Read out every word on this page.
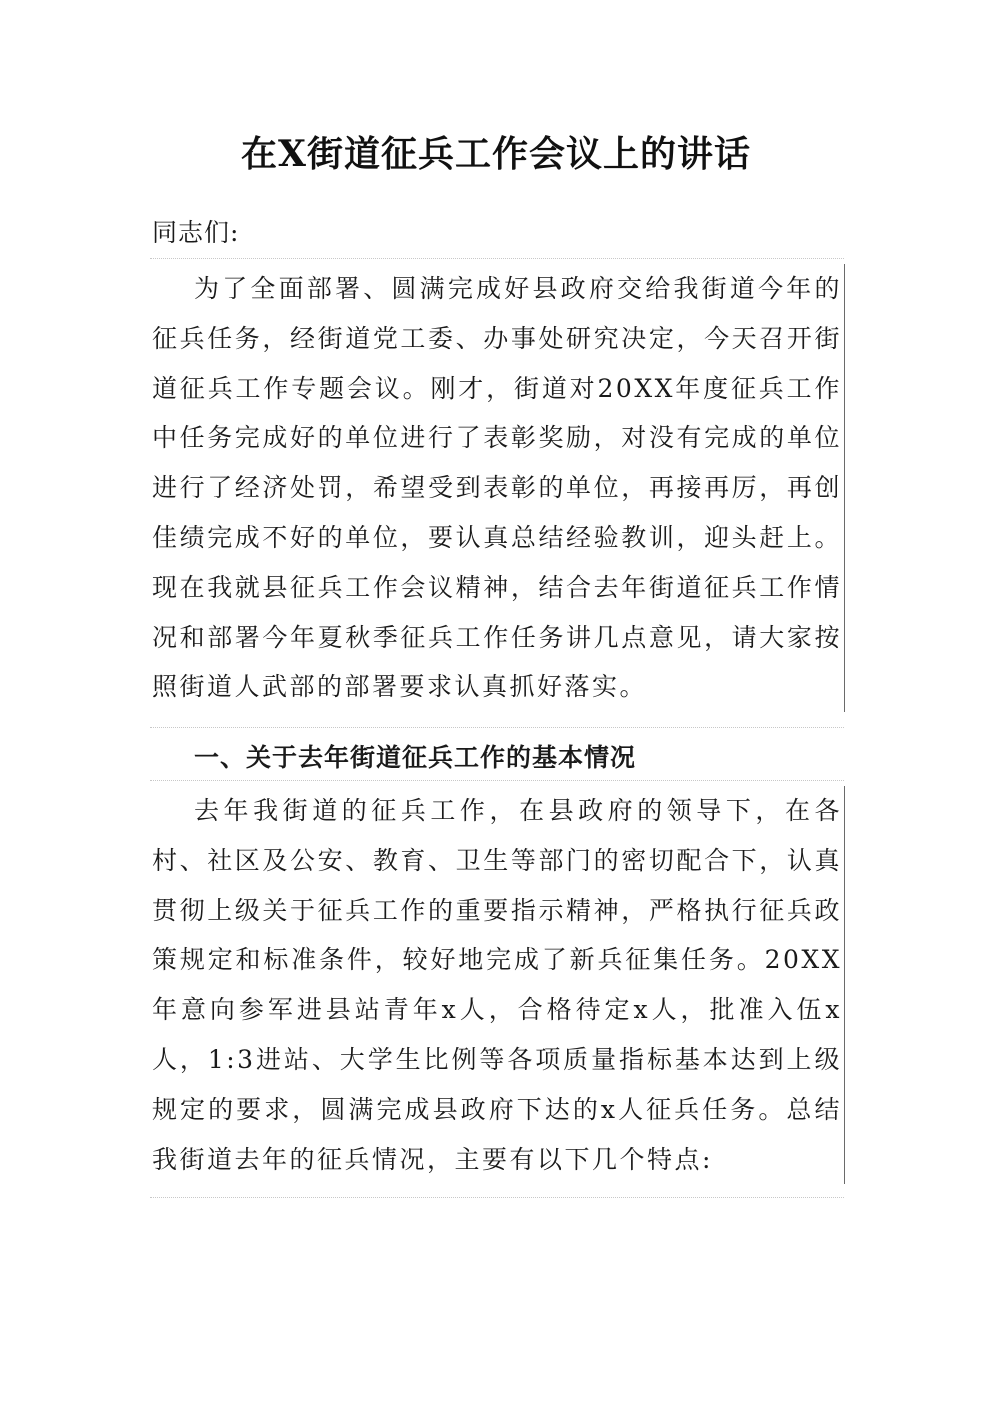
在X街道征兵工作会议上的讲话
同志们:
为了全面部署、圆满完成好县政府交给我街道今年的征兵任务，经街道党工委、办事处研究决定，今天召开街道征兵工作专题会议。刚才，街道对20XX年度征兵工作中任务完成好的单位进行了表彰奖励，对没有完成的单位进行了经济处罚，希望受到表彰的单位，再接再厉，再创佳绩完成不好的单位，要认真总结经验教训，迎头赶上。现在我就县征兵工作会议精神，结合去年街道征兵工作情况和部署今年夏秋季征兵工作任务讲几点意见，请大家按照街道人武部的部署要求认真抓好落实。
一、关于去年街道征兵工作的基本情况
去年我街道的征兵工作，在县政府的领导下，在各村、社区及公安、教育、卫生等部门的密切配合下，认真贯彻上级关于征兵工作的重要指示精神，严格执行征兵政策规定和标准条件，较好地完成了新兵征集任务。20XX年意向参军进县站青年x人，合格待定x人，批准入伍x人，1:3进站、大学生比例等各项质量指标基本达到上级规定的要求，圆满完成县政府下达的x人征兵任务。总结我街道去年的征兵情况，主要有以下几个特点:
